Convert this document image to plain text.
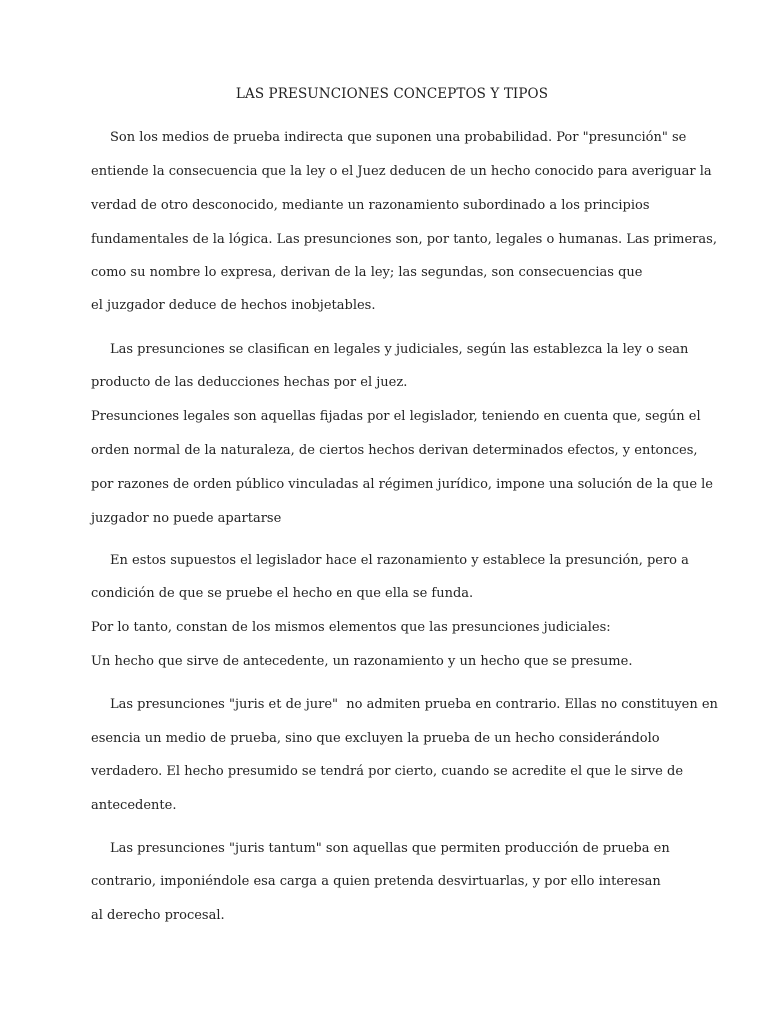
LAS PRESUNCIONES CONCEPTOS Y TIPOS
Son los medios de prueba indirecta que suponen una probabilidad. Por "presunción" se
entiende la consecuencia que la ley o el Juez deducen de un hecho conocido para averiguar la
verdad de otro desconocido, mediante un razonamiento subordinado a los principios
fundamentales de la lógica. Las presunciones son, por tanto, legales o humanas. Las primeras,
como su nombre lo expresa, derivan de la ley; las segundas, son consecuencias que
el juzgador deduce de hechos inobjetables.
Las presunciones se clasifican en legales y judiciales, según las establezca la ley o sean
producto de las deducciones hechas por el juez.
Presunciones legales son aquellas fijadas por el legislador, teniendo en cuenta que, según el
orden normal de la naturaleza, de ciertos hechos derivan determinados efectos, y entonces,
por razones de orden público vinculadas al régimen jurídico, impone una solución de la que le
juzgador no puede apartarse
En estos supuestos el legislador hace el razonamiento y establece la presunción, pero a
condición de que se pruebe el hecho en que ella se funda.
Por lo tanto, constan de los mismos elementos que las presunciones judiciales:
Un hecho que sirve de antecedente, un razonamiento y un hecho que se presume.
Las presunciones "juris et de jure"  no admiten prueba en contrario. Ellas no constituyen en
esencia un medio de prueba, sino que excluyen la prueba de un hecho considerándolo
verdadero. El hecho presumido se tendrá por cierto, cuando se acredite el que le sirve de
antecedente.
Las presunciones "juris tantum" son aquellas que permiten producción de prueba en
contrario, imponiéndole esa carga a quien pretenda desvirtuarlas, y por ello interesan
al derecho procesal.
